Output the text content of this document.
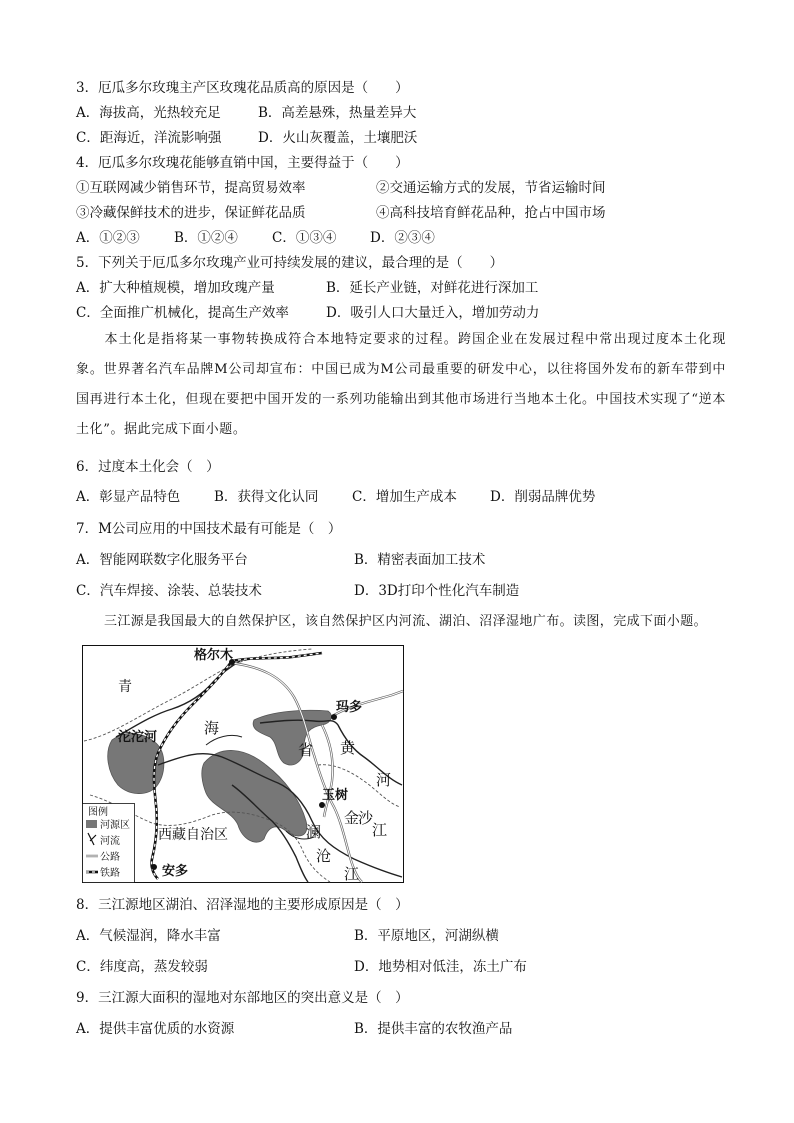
3．厄瓜多尔玫瑰主产区玫瑰花品质高的原因是（　　）
A．海拔高，光热较充足	B．高差悬殊，热量差异大
C．距海近，洋流影响强	D．火山灰覆盖，土壤肥沃
4．厄瓜多尔玫瑰花能够直销中国，主要得益于（　　）
①互联网减少销售环节，提高贸易效率	②交通运输方式的发展，节省运输时间
③冷藏保鲜技术的进步，保证鲜花品质	④高科技培育鲜花品种，抢占中国市场
A．①②③	B．①②④	C．①③④ D．②③④
5．下列关于厄瓜多尔玫瑰产业可持续发展的建议，最合理的是（　　）
A．扩大种植规模，增加玫瑰产量	B．延长产业链，对鲜花进行深加工
C．全面推广机械化，提高生产效率	D．吸引人口大量迁入，增加劳动力
本土化是指将某一事物转换成符合本地特定要求的过程。跨国企业在发展过程中常出现过度本土化现象。世界著名汽车品牌M公司却宣布：中国已成为M公司最重要的研发中心，以往将国外发布的新车带到中国再进行本土化，但现在要把中国开发的一系列功能输出到其他市场进行当地本土化。中国技术实现了“逆本土化”。据此完成下面小题。
6．过度本土化会（　）
A．彰显产品特色	B．获得文化认同 C．增加生产成本 D．削弱品牌优势
7．M公司应用的中国技术最有可能是（　）
A．智能网联数字化服务平台	B．精密表面加工技术
C．汽车焊接、涂装、总装技术	D．3D打印个性化汽车制造
三江源是我国最大的自然保护区，该自然保护区内河流、湖泊、沼泽湿地广布。读图，完成下面小题。
格尔木
青
海
省
沱沱河
玛多
黄
河
玉树
金
沙
江
澜
沧
江
西藏自治区
安多
图例
河源区
河流
公路
铁路
8．三江源地区湖泊、沼泽湿地的主要形成原因是（　）
A．气候湿润，降水丰富	B．平原地区，河湖纵横
C．纬度高，蒸发较弱	D．地势相对低洼，冻土广布
9．三江源大面积的湿地对东部地区的突出意义是（　）
A．提供丰富优质的水资源	B．提供丰富的农牧渔产品
